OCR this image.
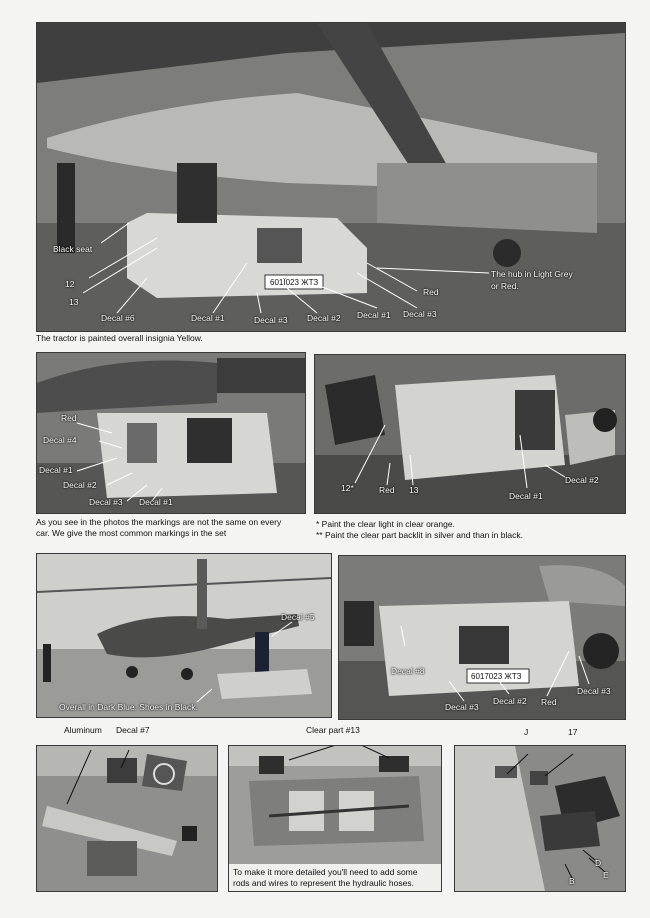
601Ї023 ЖТЗ
Black seat
12
13
Decal #6	Decal #1	Decal #3 Decal #2 Decal #1 Decal #3
Red
The hub in Light Grey
or Red.
The tractor is painted overall insignia Yellow.
Red
Decal #4
Decal #1
Decal #2
Decal #3 Decal #1
12*	Red 13
Decal #1
Decal #2
As you see in the photos the markings are not the same on every
car. We give the most common markings in the set
* Paint the clear light in clear orange.
** Paint the clear part backlit in silver and than in black.
Decal #5
Overall in Dark Blue. Shoes in Black.
6017023 ЖТЗ
Decal #8
Decal #3
Decal #2 Red
Decal #3
Aluminum Decal #7
To make it more detailed you'll need to add some
rods and wires to represent the hydraulic hoses.
Clear part #13
B
D
E
J	17
